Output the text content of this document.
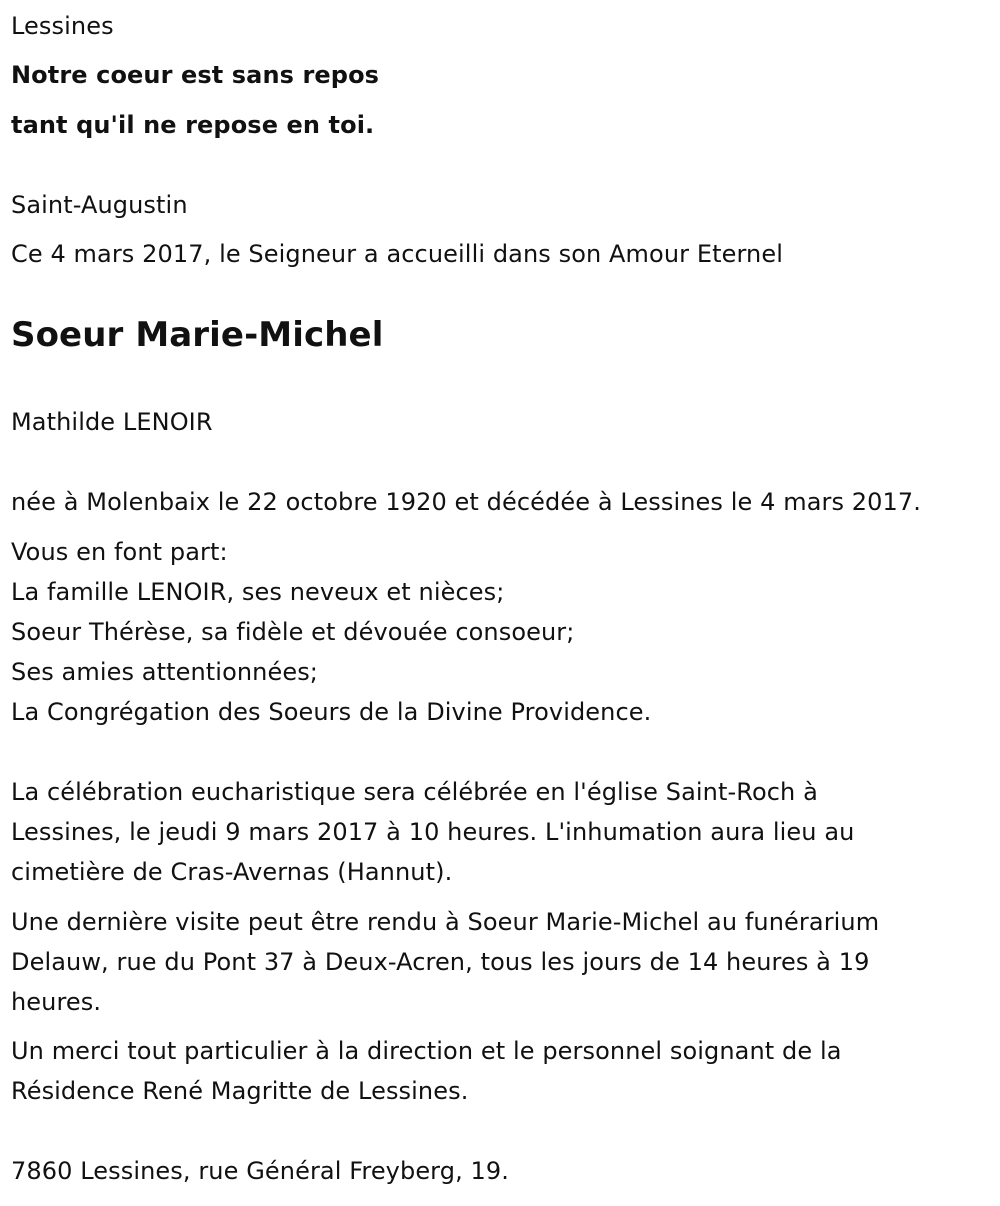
Lessines
Notre coeur est sans repos
tant qu'il ne repose en toi.
Saint-Augustin
Ce 4 mars 2017, le Seigneur a accueilli dans son Amour Eternel
Soeur Marie-Michel
Mathilde LENOIR
née à Molenbaix le 22 octobre 1920 et décédée à Lessines le 4 mars 2017.
Vous en font part:
La famille LENOIR, ses neveux et nièces;
Soeur Thérèse, sa fidèle et dévouée consoeur;
Ses amies attentionnées;
La Congrégation des Soeurs de la Divine Providence.
La célébration eucharistique sera célébrée en l'église Saint-Roch à
Lessines, le jeudi 9 mars 2017 à 10 heures. L'inhumation aura lieu au
cimetière de Cras-Avernas (Hannut).
Une dernière visite peut être rendu à Soeur Marie-Michel au funérarium
Delauw, rue du Pont 37 à Deux-Acren, tous les jours de 14 heures à 19
heures.
Un merci tout particulier à la direction et le personnel soignant de la
Résidence René Magritte de Lessines.
7860 Lessines, rue Général Freyberg, 19.
